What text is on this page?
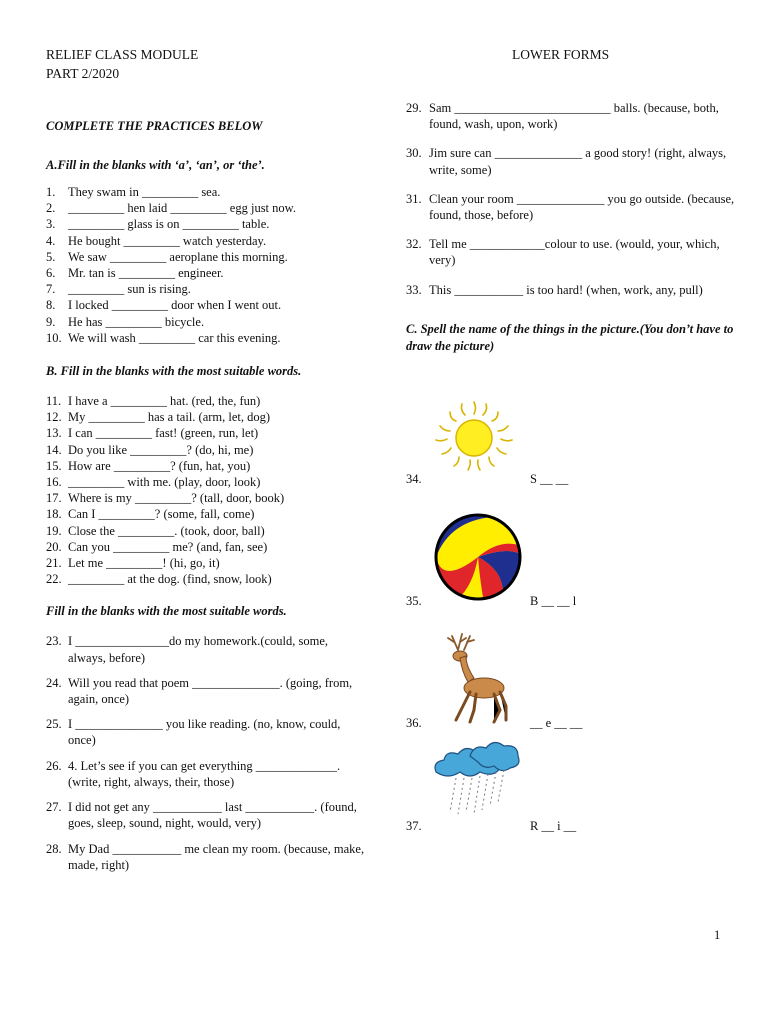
RELIEF CLASS MODULE
PART 2/2020
LOWER FORMS
COMPLETE THE PRACTICES BELOW
A.Fill in the blanks with ‘a’, ‘an’, or ‘the’.
1.	They swam in _________ sea.
2.	_________ hen laid _________ egg just now.
3.	_________ glass is on _________ table.
4.	He bought _________ watch yesterday.
5.	We saw _________ aeroplane this morning.
6.	Mr. tan is _________ engineer.
7.	_________ sun is rising.
8.	I locked _________ door when I went out.
9.	He has _________ bicycle.
10. We will wash _________ car this evening.
B. Fill in the blanks with the most suitable words.
11. I have a _________ hat. (red, the, fun)
12. My _________ has a tail. (arm, let, dog)
13. I can _________ fast! (green, run, let)
14. Do you like _________? (do, hi, me)
15. How are _________? (fun, hat, you)
16. _________ with me. (play, door, look)
17. Where is my _________? (tall, door, book)
18. Can I _________? (some, fall, come)
19. Close the _________. (took, door, ball)
20. Can you _________ me? (and, fan, see)
21. Let me _________! (hi, go, it)
22. _________ at the dog. (find, snow, look)
Fill in the blanks with the most suitable words.
23. I _______________do my homework.(could, some, always, before)
24. Will you read that poem ______________. (going, from, again, once)
25. I ______________ you like reading. (no, know, could, once)
26. 4. Let’s see if you can get everything _____________. (write, right, always, their, those)
27. I did not get any ___________ last ___________. (found, goes, sleep, sound, night, would, very)
28. My Dad ___________ me clean my room. (because, make, made, right)
29. Sam _________________________ balls. (because, both, found, wash, upon, work)
30. Jim sure can ______________ a good story! (right, always, write, some)
31. Clean your room ______________ you go outside. (because, found, those, before)
32. Tell me ____________colour to use. (would, your, which, very)
33. This ___________ is too hard! (when, work, any, pull)
C. Spell the name of the things in the picture.(You don’t have to draw the picture)
34.	S __ __
35.	B __ __ l
36.	__ e __ __
37.	R __ i __
1
